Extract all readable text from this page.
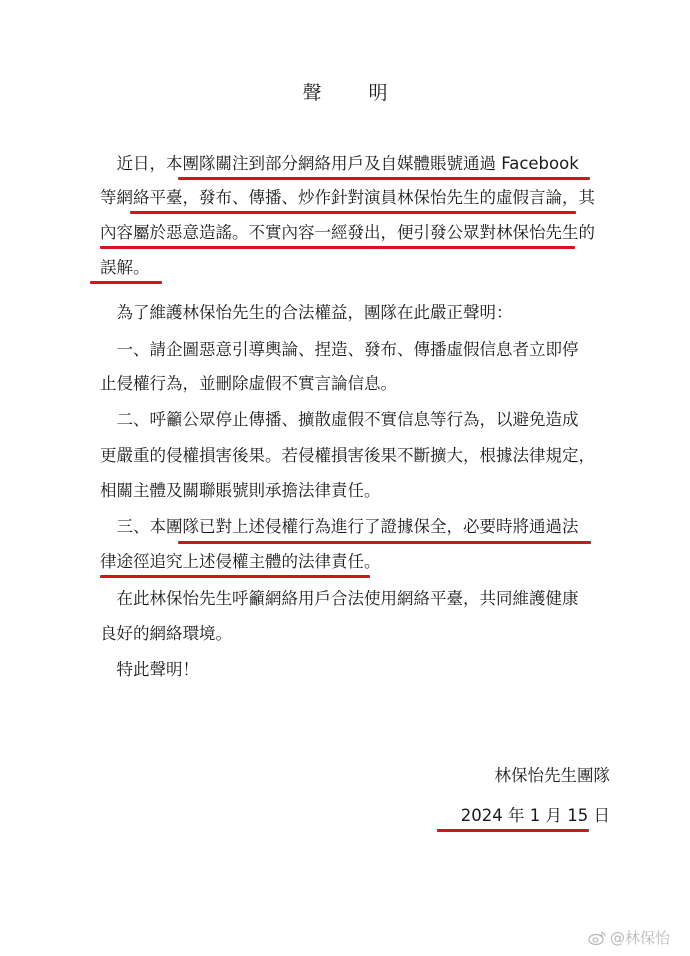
聲　明
　近日，本團隊關注到部分網絡用戶及自媒體賬號通過 Facebook
等網絡平臺，發布、傳播、炒作針對演員林保怡先生的虛假言論，其
內容屬於惡意造謠。不實內容一經發出，便引發公眾對林保怡先生的
誤解。
　為了維護林保怡先生的合法權益，團隊在此嚴正聲明：
　一、請企圖惡意引導輿論、捏造、發布、傳播虛假信息者立即停
止侵權行為，並刪除虛假不實言論信息。
　二、呼籲公眾停止傳播、擴散虛假不實信息等行為，以避免造成
更嚴重的侵權損害後果。若侵權損害後果不斷擴大，根據法律規定，
相關主體及關聯賬號則承擔法律責任。
　三、本團隊已對上述侵權行為進行了證據保全，必要時將通過法
律途徑追究上述侵權主體的法律責任。
　在此林保怡先生呼籲網絡用戶合法使用網絡平臺，共同維護健康
良好的網絡環境。
　特此聲明！
林保怡先生團隊
2024 年 1 月 15 日
@林保怡
